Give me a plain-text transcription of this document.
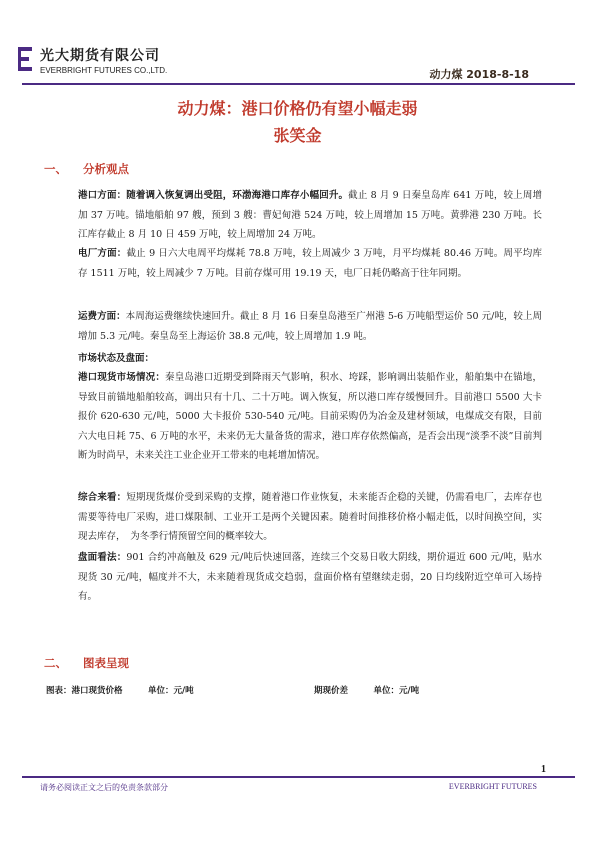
光大期货有限公司
EVERBRIGHT FUTURES CO.,LTD.	动力煤 2018-8-18
动力煤：港口价格仍有望小幅走弱
张笑金
一、 分析观点
港口方面：随着调入恢复调出受阻，环渤海港口库存小幅回升。截止 8 月 9 日秦皇岛库 641 万吨，较上周增加 37 万吨。锚地船舶 97 艘，预到 3 艘：曹妃甸港 524 万吨，较上周增加 15 万吨。黄骅港 230 万吨。长江库存截止 8 月 10 日 459 万吨，较上周增加 24 万吨。
电厂方面：截止 9 日六大电周平均煤耗 78.8 万吨，较上周减少 3 万吨，月平均煤耗 80.46 万吨。周平均库存 1511 万吨，较上周减少 7 万吨。目前存煤可用 19.19 天，电厂日耗仍略高于往年同期。
运费方面：本周海运费继续快速回升。截止 8 月 16 日秦皇岛港至广州港 5-6 万吨船型运价 50 元/吨，较上周增加 5.3 元/吨。秦皇岛至上海运价 38.8 元/吨，较上周增加 1.9 吨。
市场状态及盘面：
港口现货市场情况：秦皇岛港口近期受到降雨天气影响，积水、垮踩，影响调出装船作业，船舶集中在锚地，导致目前锚地船舶较高，调出只有十几、二十万吨。调入恢复，所以港口库存缓慢回升。目前港口 5500 大卡报价 620-630 元/吨，5000 大卡报价 530-540 元/吨。目前采购仍为冶金及建材领域，电煤成交有限，目前六大电日耗 75、6 万吨的水平，未来仍无大量备货的需求，港口库存依然偏高，是否会出现“淡季不淡”目前判断为时尚早，未来关注工业企业开工带来的电耗增加情况。
综合来看：短期现货煤价受到采购的支撑，随着港口作业恢复，未来能否企稳的关键，仍需看电厂，去库存也需要等待电厂采购，进口煤限制、工业开工是两个关键因素。随着时间推移价格小幅走低，以时间换空间，实现去库存，　为冬季行情预留空间的概率较大。
盘面看法：901 合约冲高触及 629 元/吨后快速回落，连续三个交易日收大阴线，期价逼近 600 元/吨，贴水现货 30 元/吨，幅度并不大，未来随着现货成交趋弱，盘面价格有望继续走弱，20 日均线附近空单可入场持有。
二、 图表呈现
图表：港口现货价格　　　单位：元/吨	期现价差　　　单位：元/吨
1
请务必阅读正文之后的免责条款部分	EVERBRIGHT FUTURES
